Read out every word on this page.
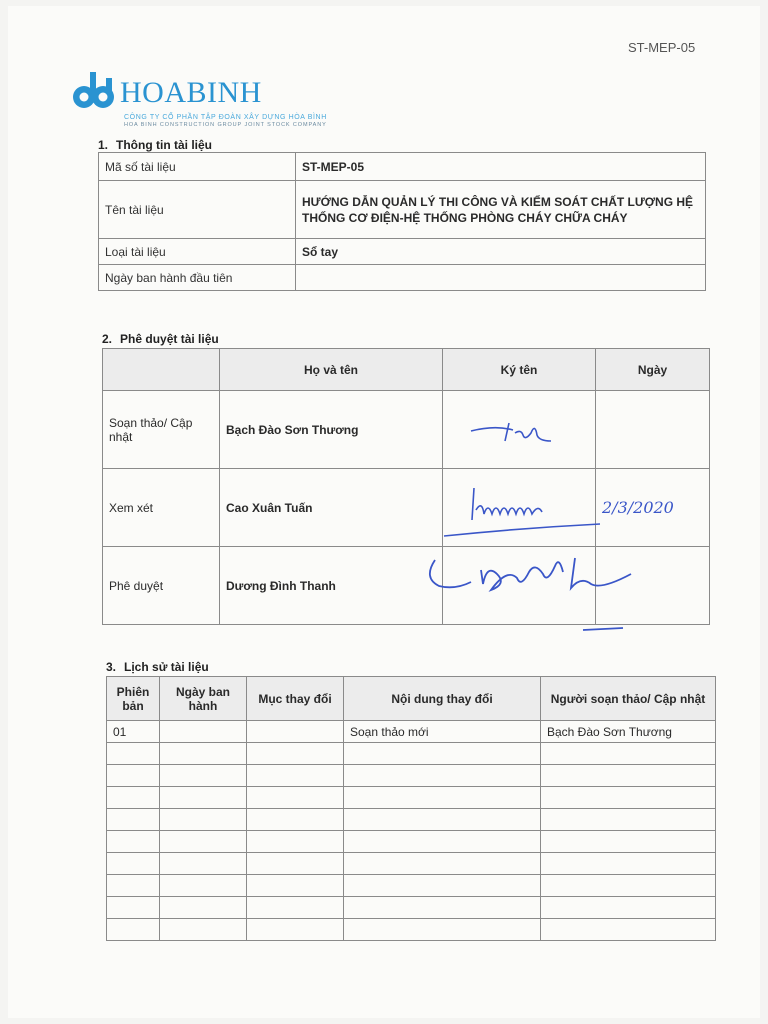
ST-MEP-05
HOABINH
CÔNG TY CỔ PHẦN TẬP ĐOÀN XÂY DỰNG HÒA BÌNH
HOA BINH CONSTRUCTION GROUP JOINT STOCK COMPANY
1. Thông tin tài liệu
Mã số tài liệu	ST-MEP-05
Tên tài liệu	HƯỚNG DẪN QUẢN LÝ THI CÔNG VÀ KIỂM SOÁT CHẤT LƯỢNG HỆ THỐNG CƠ ĐIỆN-HỆ THỐNG PHÒNG CHÁY CHỮA CHÁY
Loại tài liệu	Sổ tay
Ngày ban hành đầu tiên	
2. Phê duyệt tài liệu
	Họ và tên	Ký tên	Ngày
Soạn thảo/ Cập nhật	Bạch Đào Sơn Thương		
Xem xét	Cao Xuân Tuấn		2/3/2020
Phê duyệt	Dương Đình Thanh		
3. Lịch sử tài liệu
Phiên bản	Ngày ban hành	Mục thay đổi	Nội dung thay đổi	Người soạn thảo/ Cập nhật
01			Soạn thảo mới	Bạch Đào Sơn Thương
